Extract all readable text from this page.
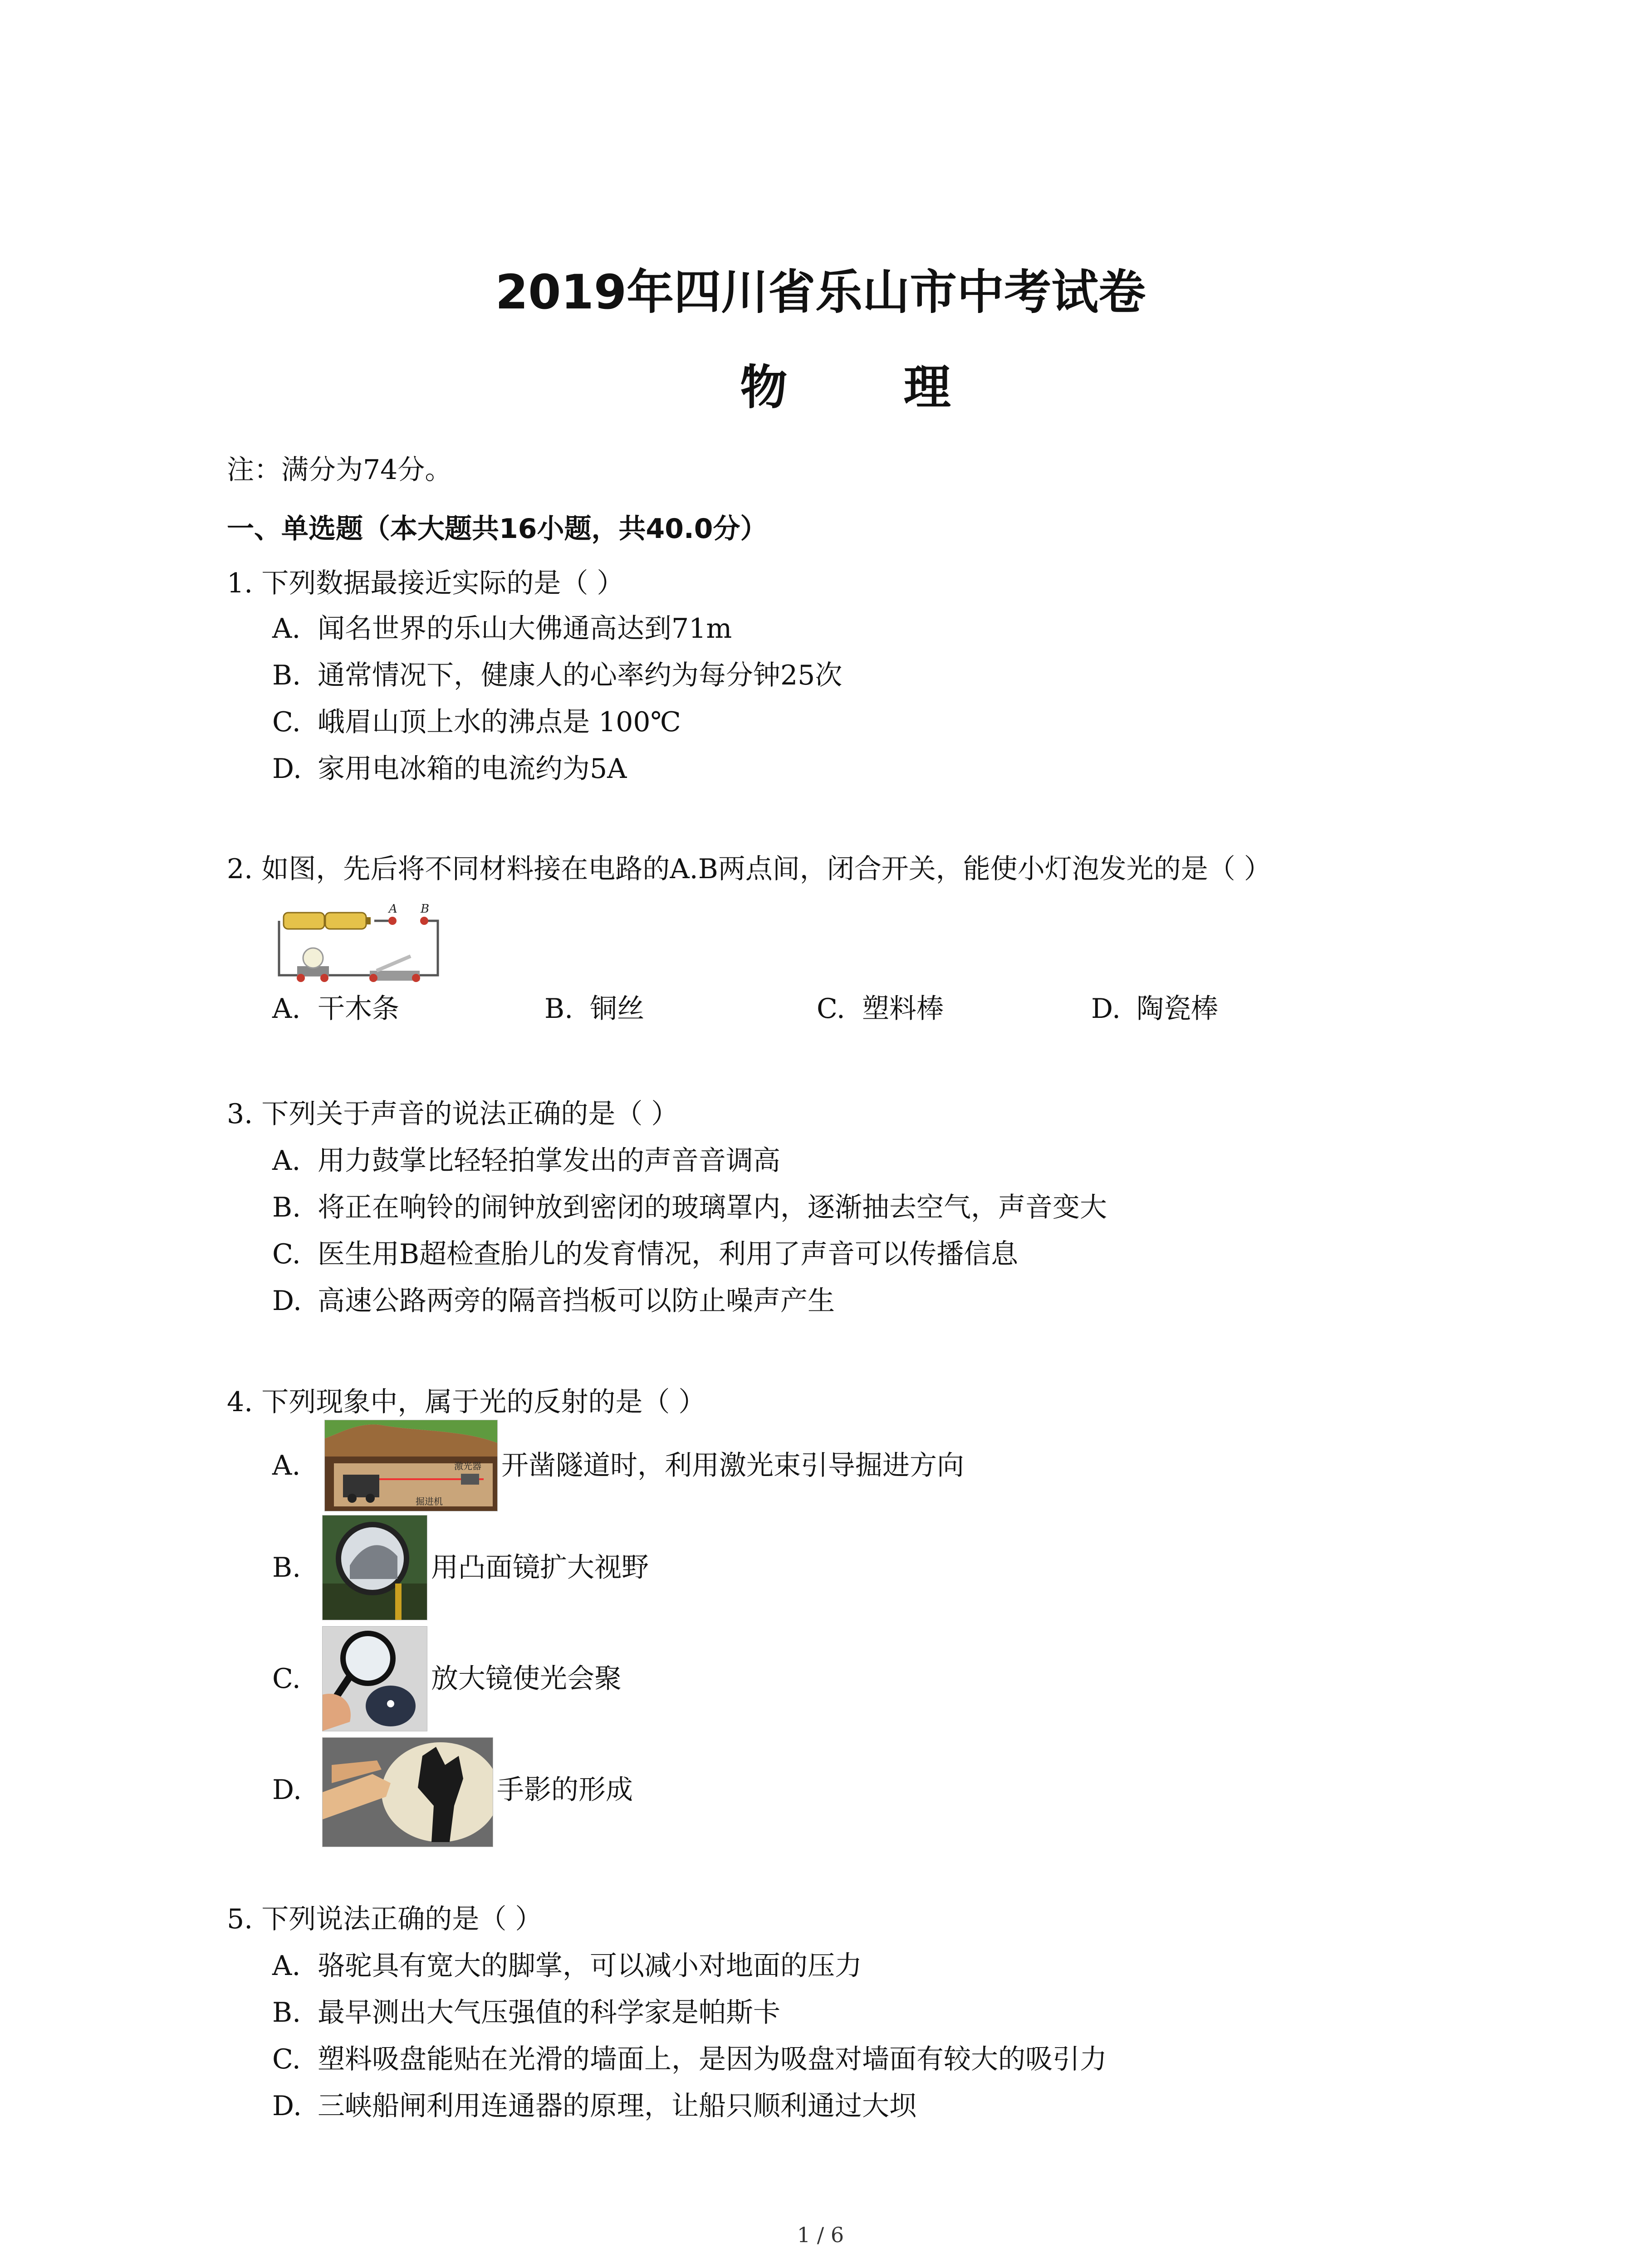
2019年四川省乐山市中考试卷
物 理
注：满分为74分。
一、单选题（本大题共16小题，共40.0分）
1. 下列数据最接近实际的是（ ）
A. 闻名世界的乐山大佛通高达到71m
B. 通常情况下，健康人的心率约为每分钟25次
C. 峨眉山顶上水的沸点是 100℃
D. 家用电冰箱的电流约为5A
2. 如图，先后将不同材料接在电路的A.B两点间，闭合开关，能使小灯泡发光的是（ ）
A B
A. 干木条	B. 铜丝	C. 塑料棒	D. 陶瓷棒
3. 下列关于声音的说法正确的是（ ）
A. 用力鼓掌比轻轻拍掌发出的声音音调高
B. 将正在响铃的闹钟放到密闭的玻璃罩内，逐渐抽去空气，声音变大
C. 医生用B超检查胎儿的发育情况，利用了声音可以传播信息
D. 高速公路两旁的隔音挡板可以防止噪声产生
4. 下列现象中，属于光的反射的是（ ）
A.	激光器
掘进机
开凿隧道时，利用激光束引导掘进方向
B.	用凸面镜扩大视野
C.	放大镜使光会聚
D.	手影的形成
5. 下列说法正确的是（ ）
A. 骆驼具有宽大的脚掌，可以减小对地面的压力
B. 最早测出大气压强值的科学家是帕斯卡
C. 塑料吸盘能贴在光滑的墙面上，是因为吸盘对墙面有较大的吸引力
D. 三峡船闸利用连通器的原理，让船只顺利通过大坝
1 / 6
